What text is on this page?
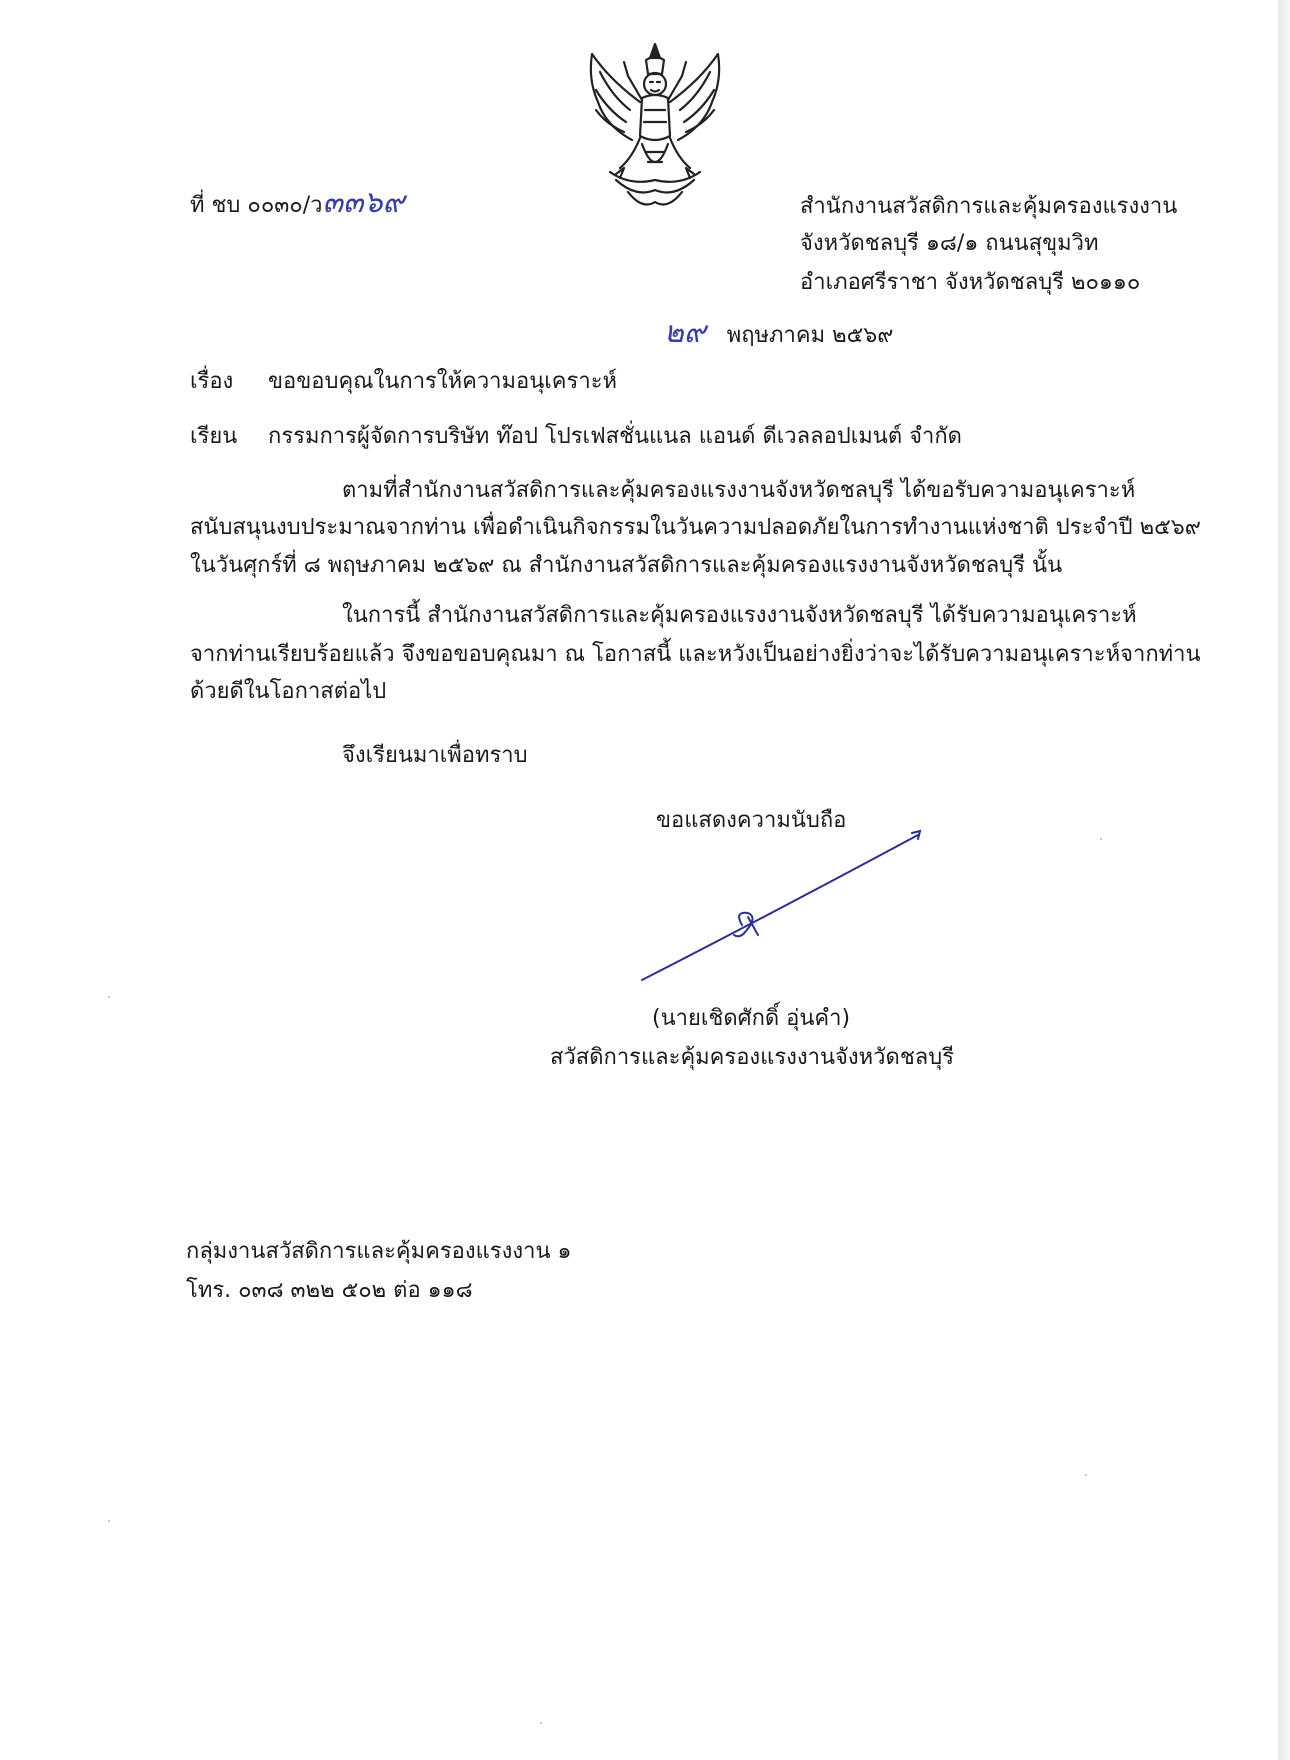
ที่ ชบ ๐๐๓๐/ว๓๓๖๙	สำนักงานสวัสดิการและคุ้มครองแรงงาน
จังหวัดชลบุรี ๑๘/๑ ถนนสุขุมวิท
อำเภอศรีราชา จังหวัดชลบุรี ๒๐๑๑๐
๒๙ พฤษภาคม ๒๕๖๙
เรื่อง ขอขอบคุณในการให้ความอนุเคราะห์
เรียน กรรมการผู้จัดการบริษัท ท๊อป โปรเฟสชั่นแนล แอนด์ ดีเวลลอปเมนต์ จำกัด
ตามที่สำนักงานสวัสดิการและคุ้มครองแรงงานจังหวัดชลบุรี ได้ขอรับความอนุเคราะห์
สนับสนุนงบประมาณจากท่าน เพื่อดำเนินกิจกรรมในวันความปลอดภัยในการทำงานแห่งชาติ ประจำปี ๒๕๖๙
ในวันศุกร์ที่ ๘ พฤษภาคม ๒๕๖๙ ณ สำนักงานสวัสดิการและคุ้มครองแรงงานจังหวัดชลบุรี นั้น
ในการนี้ สำนักงานสวัสดิการและคุ้มครองแรงงานจังหวัดชลบุรี ได้รับความอนุเคราะห์
จากท่านเรียบร้อยแล้ว จึงขอขอบคุณมา ณ โอกาสนี้ และหวังเป็นอย่างยิ่งว่าจะได้รับความอนุเคราะห์จากท่าน
ด้วยดีในโอกาสต่อไป
จึงเรียนมาเพื่อทราบ
ขอแสดงความนับถือ
(นายเชิดศักดิ์ อุ่นคำ)
สวัสดิการและคุ้มครองแรงงานจังหวัดชลบุรี
กลุ่มงานสวัสดิการและคุ้มครองแรงงาน ๑
โทร. ๐๓๘ ๓๒๒ ๕๐๒ ต่อ ๑๑๘
